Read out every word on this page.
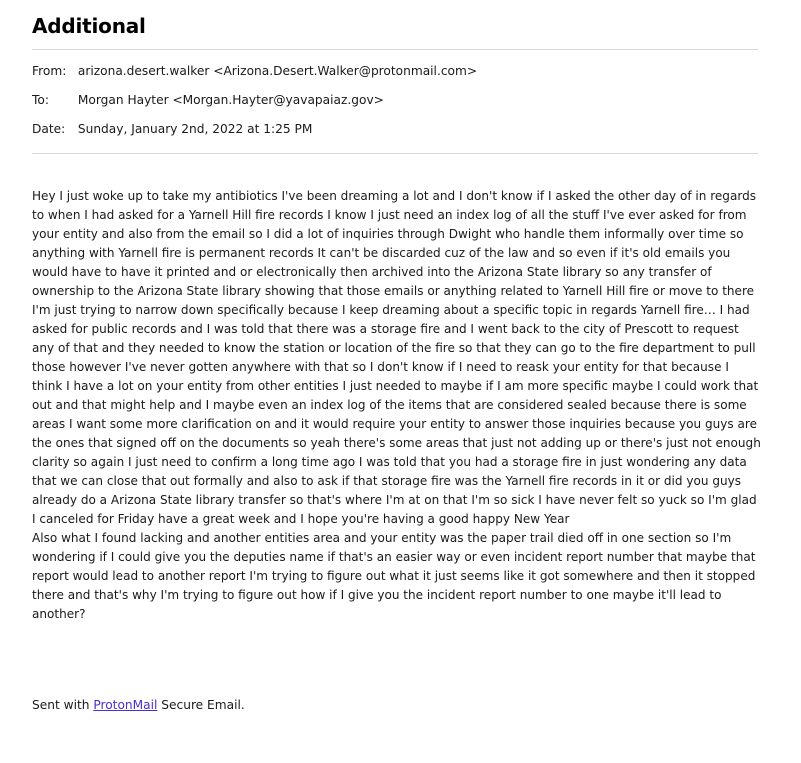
Additional
From: arizona.desert.walker <Arizona.Desert.Walker@protonmail.com>
To: Morgan Hayter <Morgan.Hayter@yavapaiaz.gov>
Date: Sunday, January 2nd, 2022 at 1:25 PM

Hey I just woke up to take my antibiotics I've been dreaming a lot and I don't know if I asked the other day of in regards to when I had asked for a Yarnell Hill fire records I know I just need an index log of all the stuff I've ever asked for from your entity and also from the email so I did a lot of inquiries through Dwight who handle them informally over time so anything with Yarnell fire is permanent records It can't be discarded cuz of the law and so even if it's old emails you would have to have it printed and or electronically then archived into the Arizona State library so any transfer of ownership to the Arizona State library showing that those emails or anything related to Yarnell Hill fire or move to there I'm just trying to narrow down specifically because I keep dreaming about a specific topic in regards Yarnell fire… I had asked for public records and I was told that there was a storage fire and I went back to the city of Prescott to request any of that and they needed to know the station or location of the fire so that they can go to the fire department to pull those however I've never gotten anywhere with that so I don't know if I need to reask your entity for that because I think I have a lot on your entity from other entities I just needed to maybe if I am more specific maybe I could work that out and that might help and I maybe even an index log of the items that are considered sealed because there is some areas I want some more clarification on and it would require your entity to answer those inquiries because you guys are the ones that signed off on the documents so yeah there's some areas that just not adding up or there's just not enough clarity so again I just need to confirm a long time ago I was told that you had a storage fire in just wondering any data that we can close that out formally and also to ask if that storage fire was the Yarnell fire records in it or did you guys already do a Arizona State library transfer so that's where I'm at on that I'm so sick I have never felt so yuck so I'm glad I canceled for Friday have a great week and I hope you're having a good happy New Year

Also what I found lacking and another entities area and your entity was the paper trail died off in one section so I'm wondering if I could give you the deputies name if that's an easier way or even incident report number that maybe that report would lead to another report I'm trying to figure out what it just seems like it got somewhere and then it stopped there and that's why I'm trying to figure out how if I give you the incident report number to one maybe it'll lead to another?

Sent with ProtonMail Secure Email.
